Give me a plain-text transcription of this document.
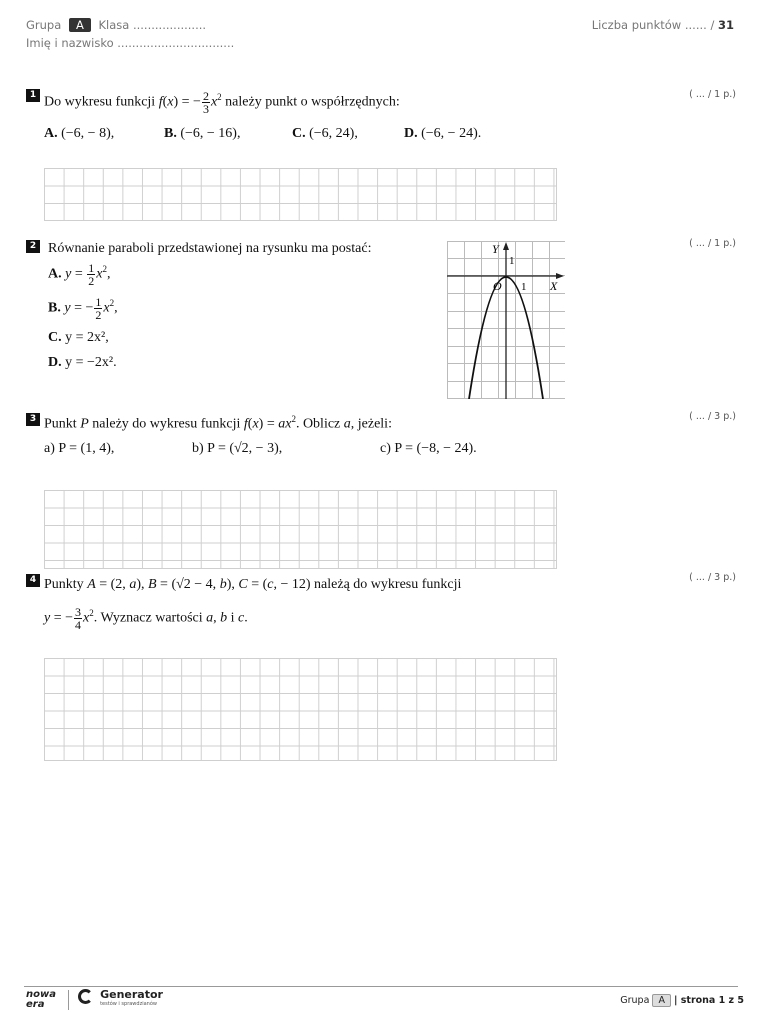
Grupa A Klasa ....................
Imię i nazwisko ................................
Liczba punktów ...... / 31
1	( ... / 1 p.)
Do wykresu funkcji f(x) = − $\frac{2}{3} x^2$ należy punkt o współrzędnych:
A. (−6, − 8),	B. (−6, − 16),	C. (−6, 24),	D. (−6, − 24).
2	( ... / 1 p.)
Równanie paraboli przedstawionej na rysunku ma postać:
A. $y = \frac{1}{2} x^2$,
B. y = − $\frac{1}{2} x^2$,
C. y = 2x²,
D. y = −2x².
Y
X
O 1
1
3	( ... / 3 p.)
Punkt P należy do wykresu funkcji $f(x) = ax^2$. Oblicz a, jeżeli:
a) P = (1, 4),	b) P = (√2, − 3),	c) P = (−8, − 24).
4	( ... / 3 p.)
Punkty A = (2, a), B = (√2 − 4, b), C = (c, − 12) należą do wykresu funkcji
y = − $\frac{3}{4} x^2$. Wyznacz wartości a, b i c.
nowa era

Generator
testów i sprawdzianów	Grupa A | strona 1 z 5
